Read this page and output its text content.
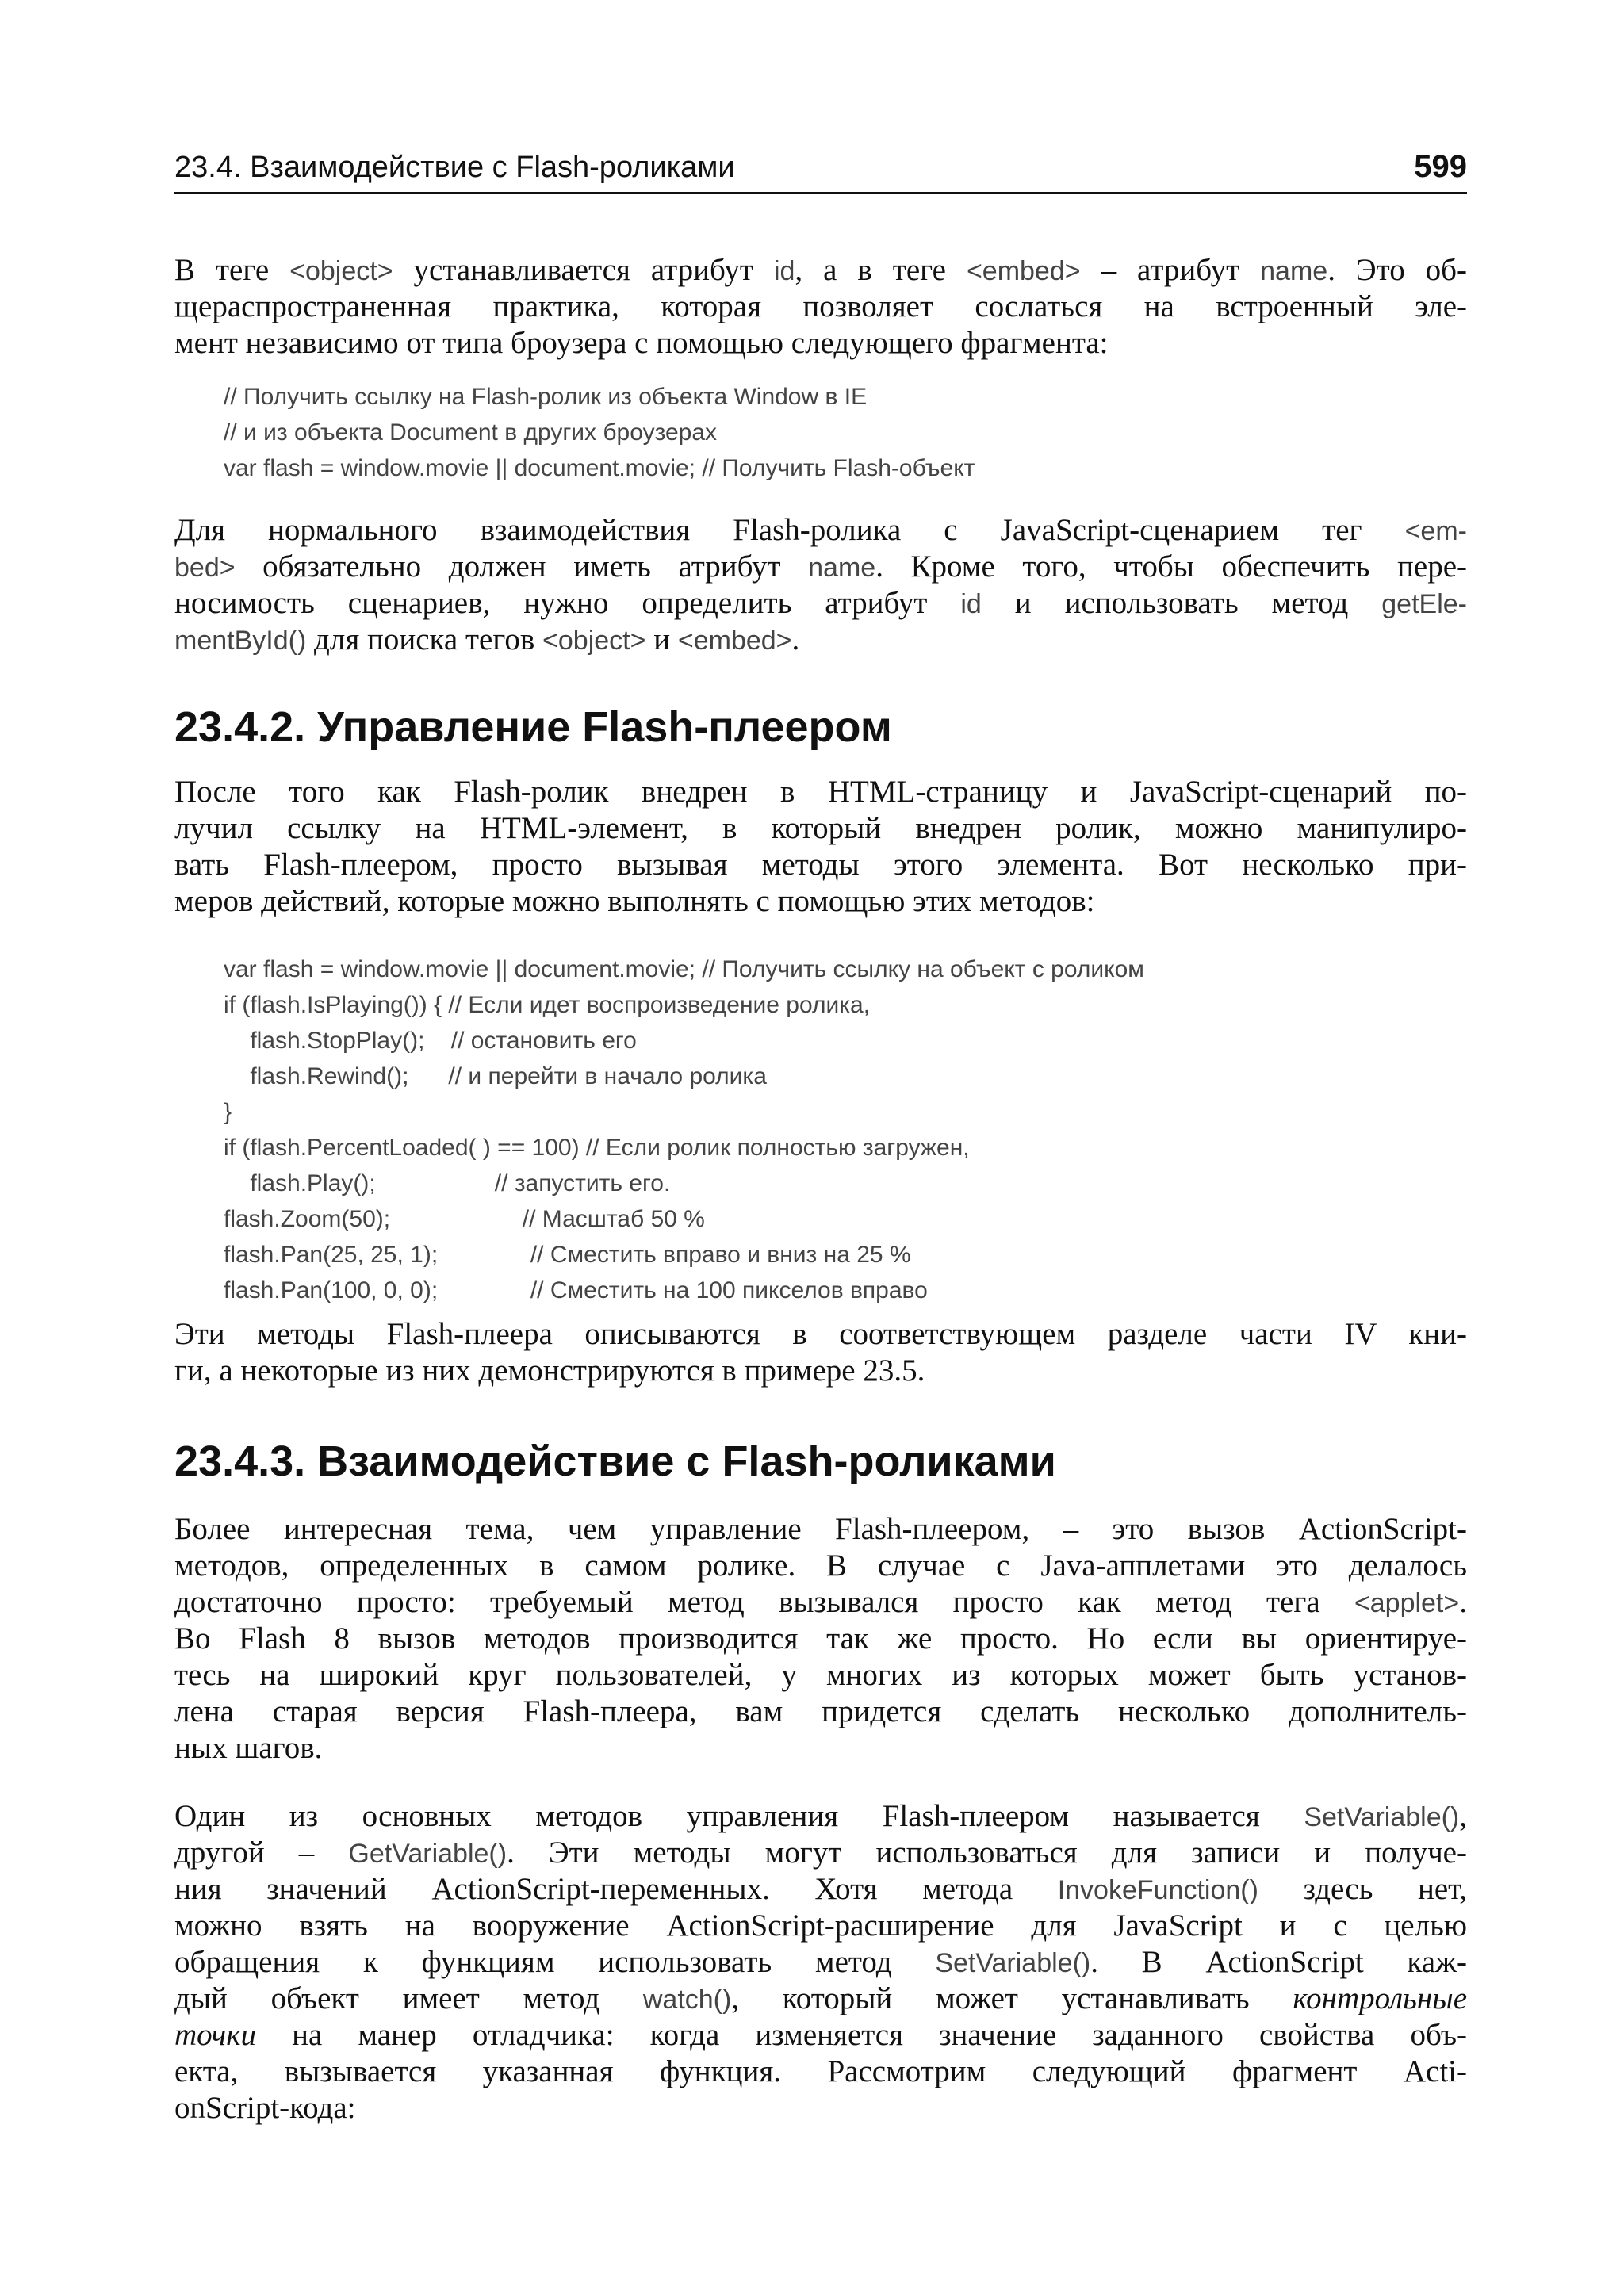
23.4. Взаимодействие с Flash-роликами	599
В теге <object> устанавливается атрибут id, а в теге <embed> – атрибут name. Это об-
щераспространенная практика, которая позволяет сослаться на встроенный эле-
мент независимо от типа броузера с помощью следующего фрагмента:
// Получить ссылку на Flash-ролик из объекта Window в IE
// и из объекта Document в других броузерах
var flash = window.movie || document.movie; // Получить Flash-объект
Для нормального взаимодействия Flash-ролика с JavaScript-сценарием тег <em-
bed> обязательно должен иметь атрибут name. Кроме того, чтобы обеспечить пере-
носимость сценариев, нужно определить атрибут id и использовать метод getEle-
mentById() для поиска тегов <object> и <embed>.
23.4.2. Управление Flash-плеером
После того как Flash-ролик внедрен в HTML-страницу и JavaScript-сценарий по-
лучил ссылку на HTML-элемент, в который внедрен ролик, можно манипулиро-
вать Flash-плеером, просто вызывая методы этого элемента. Вот несколько при-
меров действий, которые можно выполнять с помощью этих методов:
var flash = window.movie || document.movie; // Получить ссылку на объект с роликом
if (flash.IsPlaying()) { // Если идет воспроизведение ролика,
flash.StopPlay();    // остановить его
flash.Rewind();      // и перейти в начало ролика
}
if (flash.PercentLoaded( ) == 100) // Если ролик полностью загружен,
flash.Play();                  // запустить его.
flash.Zoom(50);                    // Масштаб 50 %
flash.Pan(25, 25, 1);              // Сместить вправо и вниз на 25 %
flash.Pan(100, 0, 0);              // Сместить на 100 пикселов вправо
Эти методы Flash-плеера описываются в соответствующем разделе части IV кни-
ги, а некоторые из них демонстрируются в примере 23.5.
23.4.3. Взаимодействие с Flash-роликами
Более интересная тема, чем управление Flash-плеером, – это вызов ActionScript-
методов, определенных в самом ролике. В случае с Java-апплетами это делалось
достаточно просто: требуемый метод вызывался просто как метод тега <applet>.
Во Flash 8 вызов методов производится так же просто. Но если вы ориентируе-
тесь на широкий круг пользователей, у многих из которых может быть установ-
лена старая версия Flash-плеера, вам придется сделать несколько дополнитель-
ных шагов.
Один из основных методов управления Flash-плеером называется SetVariable(),
другой – GetVariable(). Эти методы могут использоваться для записи и получе-
ния значений ActionScript-переменных. Хотя метода InvokeFunction() здесь нет,
можно взять на вооружение ActionScript-расширение для JavaScript и с целью
обращения к функциям использовать метод SetVariable(). В ActionScript каж-
дый объект имеет метод watch(), который может устанавливать контрольные
точки на манер отладчика: когда изменяется значение заданного свойства объ-
екта, вызывается указанная функция. Рассмотрим следующий фрагмент Acti-
onScript-кода:
